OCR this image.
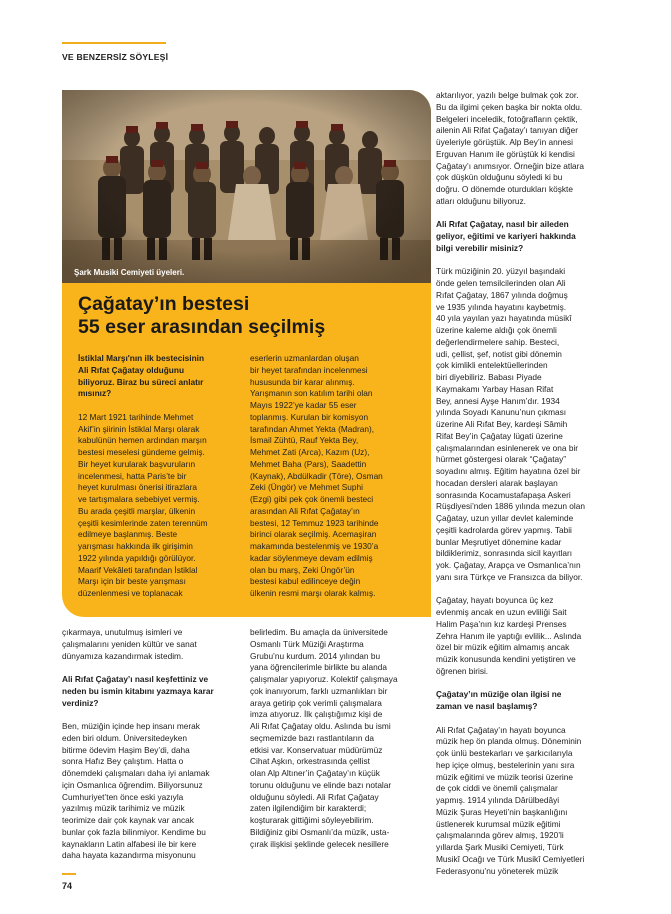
VE BENZERSİZ SÖYLEŞİ
Şark Musiki Cemiyeti üyeleri.
Çağatay’ın bestesi
55 eser arasından seçilmiş

İstiklal Marşı'nın ilk bestecisinin

Ali Rıfat Çağatay olduğunu

biliyoruz. Biraz bu süreci anlatır

mısınız?

12 Mart 1921 tarihinde Mehmet

Akif’in şiirinin İstiklal Marşı olarak

kabulünün hemen ardından marşın

bestesi meselesi gündeme gelmiş.

Bir heyet kurularak başvuruların

incelenmesi, hatta Paris’te bir

heyet kurulması önerisi itirazlara

ve tartışmalara sebebiyet vermiş.

Bu arada çeşitli marşlar, ülkenin

çeşitli kesimlerinde zaten terennüm

edilmeye başlanmış. Beste

yarışması hakkında ilk girişimin

1922 yılında yapıldığı görülüyor.

Maarif Vekâleti tarafından İstiklal

Marşı için bir beste yarışması

düzenlenmesi ve toplanacak

eserlerin uzmanlardan oluşan

bir heyet tarafından incelenmesi

hususunda bir karar alınmış.

Yarışmanın son katılım tarihi olan

Mayıs 1922’ye kadar 55 eser

toplanmış. Kurulan bir komisyon

tarafından Ahmet Yekta (Madran),

İsmail Zühtü, Rauf Yekta Bey,

Mehmet Zati (Arca), Kazım (Uz),

Mehmet Baha (Pars), Saadettin

(Kaynak), Abdülkadir (Töre), Osman

Zeki (Üngör) ve Mehmet Suphi

(Ezgi) gibi pek çok önemli besteci

arasından Ali Rıfat Çağatay’ın

bestesi, 12 Temmuz 1923 tarihinde

birinci olarak seçilmiş. Acemaşiran

makamında bestelenmiş ve 1930’a

kadar söylenmeye devam edilmiş

olan bu marş, Zeki Üngör’ün

bestesi kabul edilinceye değin

ülkenin resmi marşı olarak kalmış.

çıkarmaya, unutulmuş isimleri ve

çalışmalarını yeniden kültür ve sanat

dünyamıza kazandırmak istedim.

Ali Rıfat Çağatay’ı nasıl keşfettiniz ve

neden bu ismin kitabını yazmaya karar

verdiniz?

Ben, müziğin içinde hep insanı merak

eden biri oldum. Üniversitedeyken

bitirme ödevim Haşim Bey’di, daha

sonra Hafız Bey çalıştım. Hatta o

dönemdeki çalışmaları daha iyi anlamak

için Osmanlıca öğrendim. Biliyorsunuz

Cumhuriyet’ten önce eski yazıyla

yazılmış müzik tarihimiz ve müzik

teorimize dair çok kaynak var ancak

bunlar çok fazla bilinmiyor. Kendime bu

kaynakların Latin alfabesi ile bir kere

daha hayata kazandırma misyonunu

belirledim. Bu amaçla da üniversitede

Osmanlı Türk Müziği Araştırma

Grubu’nu kurdum. 2014 yılından bu

yana öğrencilerimle birlikte bu alanda

çalışmalar yapıyoruz. Kolektif çalışmaya

çok inanıyorum, farklı uzmanlıkları bir

araya getirip çok verimli çalışmalara

imza atıyoruz. İlk çalıştığımız kişi de

Ali Rıfat Çağatay oldu. Aslında bu ismi

seçmemizde bazı rastlantıların da

etkisi var. Konservatuar müdürümüz

Cihat Aşkın, orkestrasında çellist

olan Alp Altıner’in Çağatay’ın küçük

torunu olduğunu ve elinde bazı notalar

olduğunu söyledi. Ali Rıfat Çağatay

zaten ilgilendiğim bir karakterdi;

koşturarak gittiğimi söyleyebilirim.

Bildiğiniz gibi Osmanlı’da müzik, usta-

çırak ilişkisi şeklinde gelecek nesillere

aktarılıyor, yazılı belge bulmak çok zor.

Bu da ilgimi çeken başka bir nokta oldu.

Belgeleri inceledik, fotoğrafların çektik,

ailenin Ali Rifat Çağatay’ı tanıyan diğer

üyeleriyle görüştük. Alp Bey’in annesi

Erguvan Hanım ile görüştük ki kendisi

Çağatay’ı anımsıyor. Örneğin bize atlara

çok düşkün olduğunu söyledi ki bu

doğru. O dönemde oturdukları köşkte

atları olduğunu biliyoruz.

Ali Rıfat Çağatay, nasıl bir aileden

geliyor, eğitimi ve kariyeri hakkında

bilgi verebilir misiniz?

Türk müziğinin 20. yüzyıl başındaki

önde gelen temsilcilerinden olan Ali

Rıfat Çağatay, 1867 yılında doğmuş

ve 1935 yılında hayatını kaybetmiş.

40 yıla yayılan yazı hayatında müsikî

üzerine kaleme aldığı çok önemli

değerlendirmelere sahip. Besteci,

udi, çellist, şef, notist gibi dönemin

çok kimlikli entelektüellerinden

biri diyebiliriz. Babası Piyade

Kaymakamı Yarbay Hasan Rifat

Bey, annesi Ayşe Hanım’dır. 1934

yılında Soyadı Kanunu’nun çıkması

üzerine Ali Rıfat Bey, kardeşi Sâmih

Rifat Bey’in Çağatay lügati üzerine

çalışmalarından esinlenerek ve ona bir

hürmet göstergesi olarak “Çağatay”

soyadını almış. Eğitim hayatına özel bir

hocadan dersleri alarak başlayan

sonrasında Kocamustafapaşa Askeri

Rüşdiyesi’nden 1886 yılında mezun olan

Çağatay, uzun yıllar devlet kaleminde

çeşitli kadrolarda görev yapmış. Tabii

bunlar Meşrutiyet dönemine kadar

bildiklerimiz, sonrasında sicil kayıtları

yok. Çağatay, Arapça ve Osmanlıca’nın

yanı sıra Türkçe ve Fransızca da biliyor.

Çağatay, hayatı boyunca üç kez

evlenmiş ancak en uzun evliliği Sait

Halim Paşa’nın kız kardeşi Prenses

Zehra Hanım ile yaptığı evlilik... Aslında

özel bir müzik eğitim almamış ancak

müzik konusunda kendini yetiştiren ve

öğrenen birisi.

Çağatay’ın müziğe olan ilgisi ne

zaman ve nasıl başlamış?

Ali Rıfat Çağatay’ın hayatı boyunca

müzik hep ön planda olmuş. Döneminin

çok ünlü bestekarları ve şarkıcılarıyla

hep içiçe olmuş, bestelerinin yanı sıra

müzik eğitimi ve müzik teorisi üzerine

de çok ciddi ve önemli çalışmalar

yapmış. 1914 yılında Dârülbedâyi

Müzik Şuras Heyeti’nin başkanlığını

üstlenerek kurumsal müzik eğitimi

çalışmalarında görev almış, 1920’li

yıllarda Şark Musiki Cemiyeti, Türk

Musikî Ocağı ve Türk Musikî Cemiyetleri

Federasyonu’nu yöneterek müzik

74
